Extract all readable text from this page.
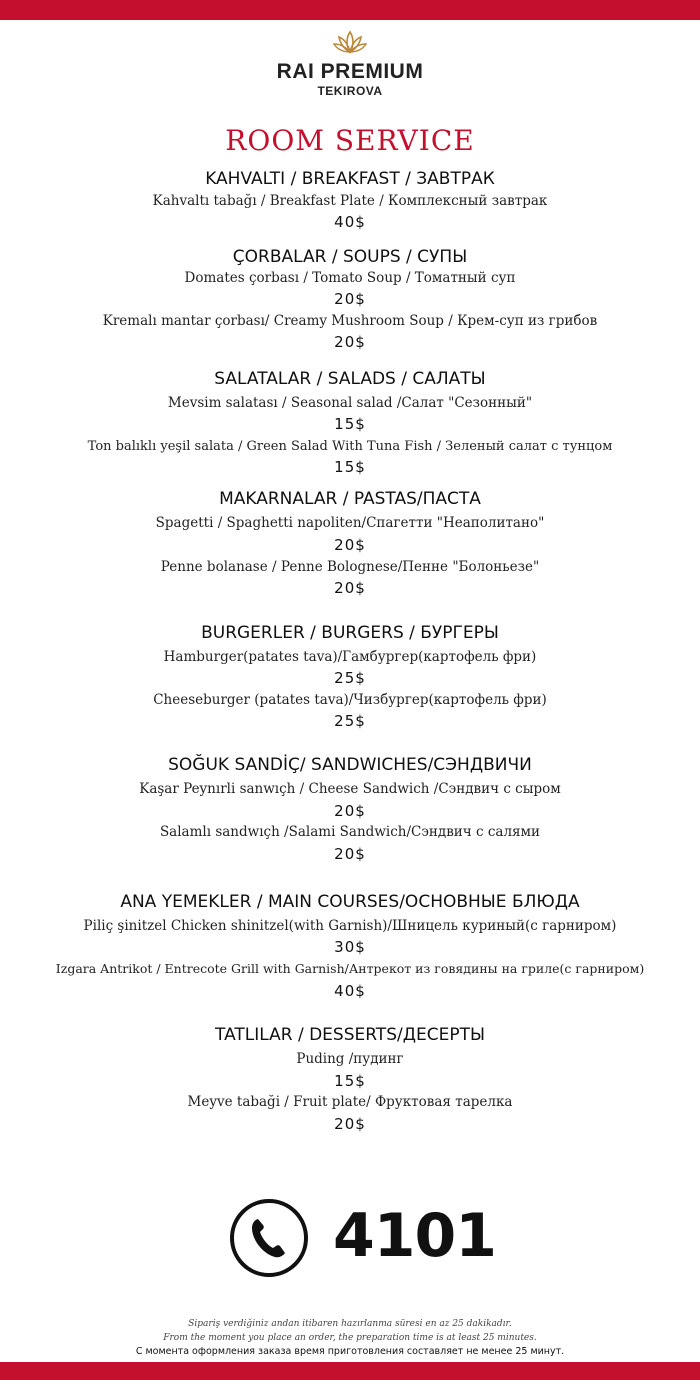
RAI PREMIUM
TEKIROVA
ROOM SERVICE
KAHVALTI / BREAKFAST / ЗАВТРАК
Kahvaltı tabağı / Breakfast Plate / Комплексный завтрак
40$
ÇORBALAR / SOUPS / СУПЫ
Domates çorbası / Tomato Soup / Томатный суп
20$
Kremalı mantar çorbası/ Creamy Mushroom Soup / Крем-суп из грибов
20$
SALATALAR / SALADS / САЛАТЫ
Mevsim salatası / Seasonal salad /Салат "Сезонный"
15$
Ton balıklı yeşil salata / Green Salad With Tuna Fish / Зеленый салат с тунцом
15$
MAKARNALAR / PASTAS/ПАСТА
Spagetti / Spaghetti napoliten/Спагетти "Неаполитано"
20$
Penne bolanase / Penne Bolognese/Пенне "Болоньезе"
20$
BURGERLER / BURGERS / БУРГЕРЫ
Hamburger(patates tava)/Гамбургер(картофель фри)
25$
Cheeseburger (patates tava)/Чизбургер(картофель фри)
25$
SOĞUK SANDİÇ/ SANDWICHES/СЭНДВИЧИ
Kaşar Peynırli sanwıçh / Cheese Sandwich /Сэндвич с сыром
20$
Salamlı sandwıçh /Salami Sandwich/Сэндвич с салями
20$
ANA YEMEKLER / MAIN COURSES/ОСНОВНЫЕ БЛЮДА
Piliç şinitzel Chicken shinitzel(with Garnish)/Шницель куриный(с гарниром)
30$
Izgara Antrikot / Entrecote Grill with Garnish/Антрекот из говядины на гриле(с гарниром)
40$
TATLILAR / DESSERTS/ДЕСЕРТЫ
Puding /пудинг
15$
Meyve tabaği / Fruit plate/ Фруктовая тарелка
20$
4101
Sipariş verdiğiniz andan itibaren hazırlanma süresi en az 25 dakikadır.
From the moment you place an order, the preparation time is at least 25 minutes.
С момента оформления заказа время приготовления составляет не менее 25 минут.
